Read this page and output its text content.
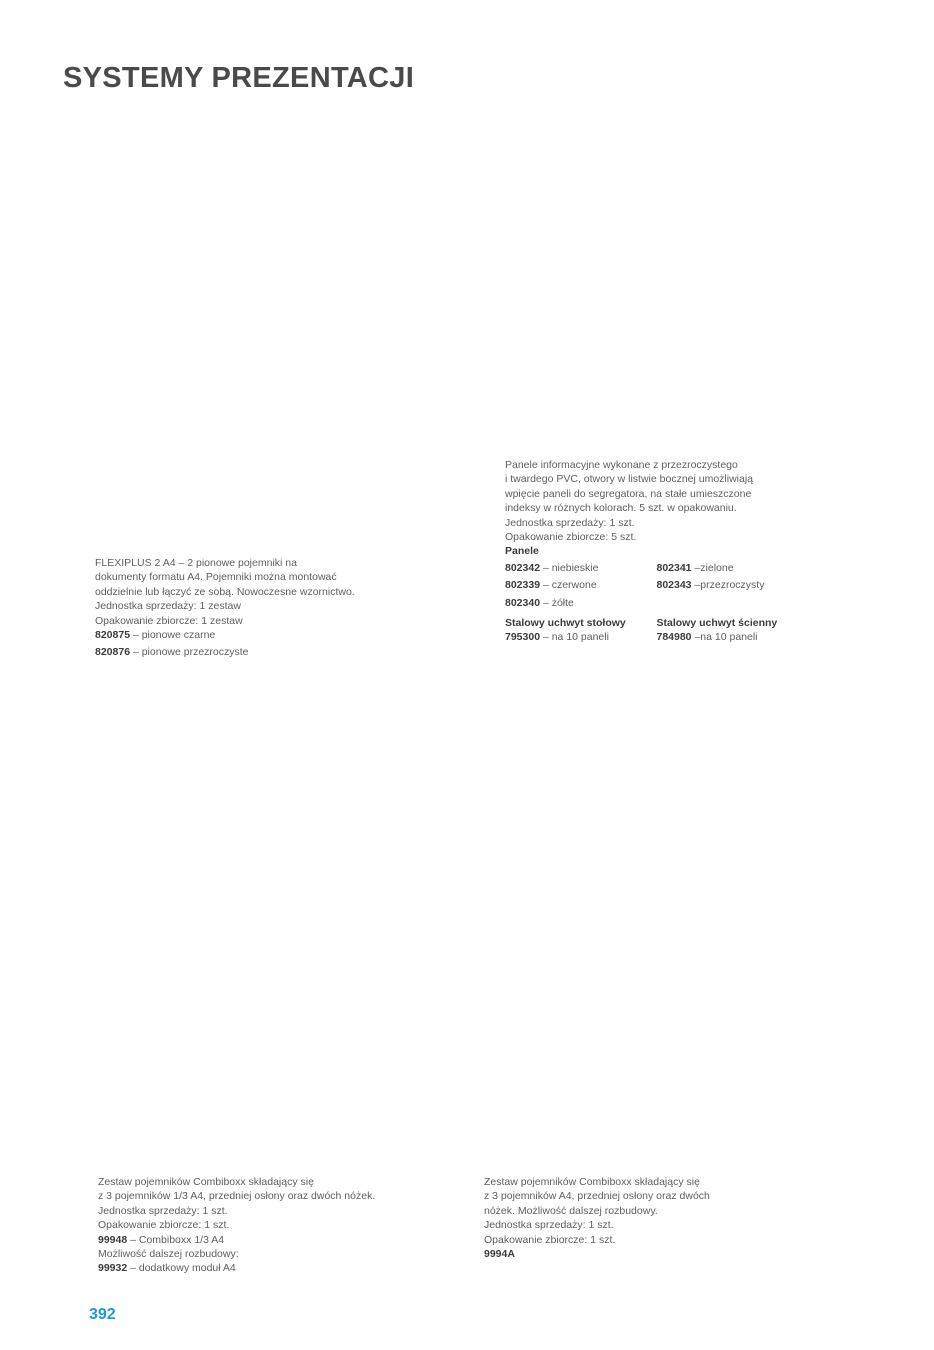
SYSTEMY PREZENTACJI
FLEXIPLUS 2 A4 – 2 pionowe pojemniki na
dokumenty formatu A4. Pojemniki można montować
oddzielnie lub łączyć ze sobą. Nowoczesne wzornictwo.
Jednostka sprzedaży: 1 zestaw
Opakowanie zbiorcze: 1 zestaw
820875 – pionowe czarne
820876 – pionowe przezroczyste
Panele informacyjne wykonane z przezroczystego
i twardego PVC, otwory w listwie bocznej umożliwiają
wpięcie paneli do segregatora, na stałe umieszczone
indeksy w różnych kolorach. 5 szt. w opakowaniu.
Jednostka sprzedaży: 1 szt.
Opakowanie zbiorcze: 5 szt.
Panele
802342 – niebieskie
802339 – czerwone
802340 – żółte
802341 –zielone
802343 –przezroczysty
Stalowy uchwyt stołowy
795300 – na 10 paneli
Stalowy uchwyt ścienny
784980 –na 10 paneli
Zestaw pojemników Combiboxx składający się
z 3 pojemników 1/3 A4, przedniej osłony oraz dwóch nóżek.
Jednostka sprzedaży: 1 szt.
Opakowanie zbiorcze: 1 szt.
99948 – Combiboxx 1/3 A4
Możliwość dalszej rozbudowy:
99932 – dodatkowy moduł A4
Zestaw pojemników Combiboxx składający się
z 3 pojemników A4, przedniej osłony oraz dwóch
nóżek. Możliwość dalszej rozbudowy.
Jednostka sprzedaży: 1 szt.
Opakowanie zbiorcze: 1 szt.
9994A
392
